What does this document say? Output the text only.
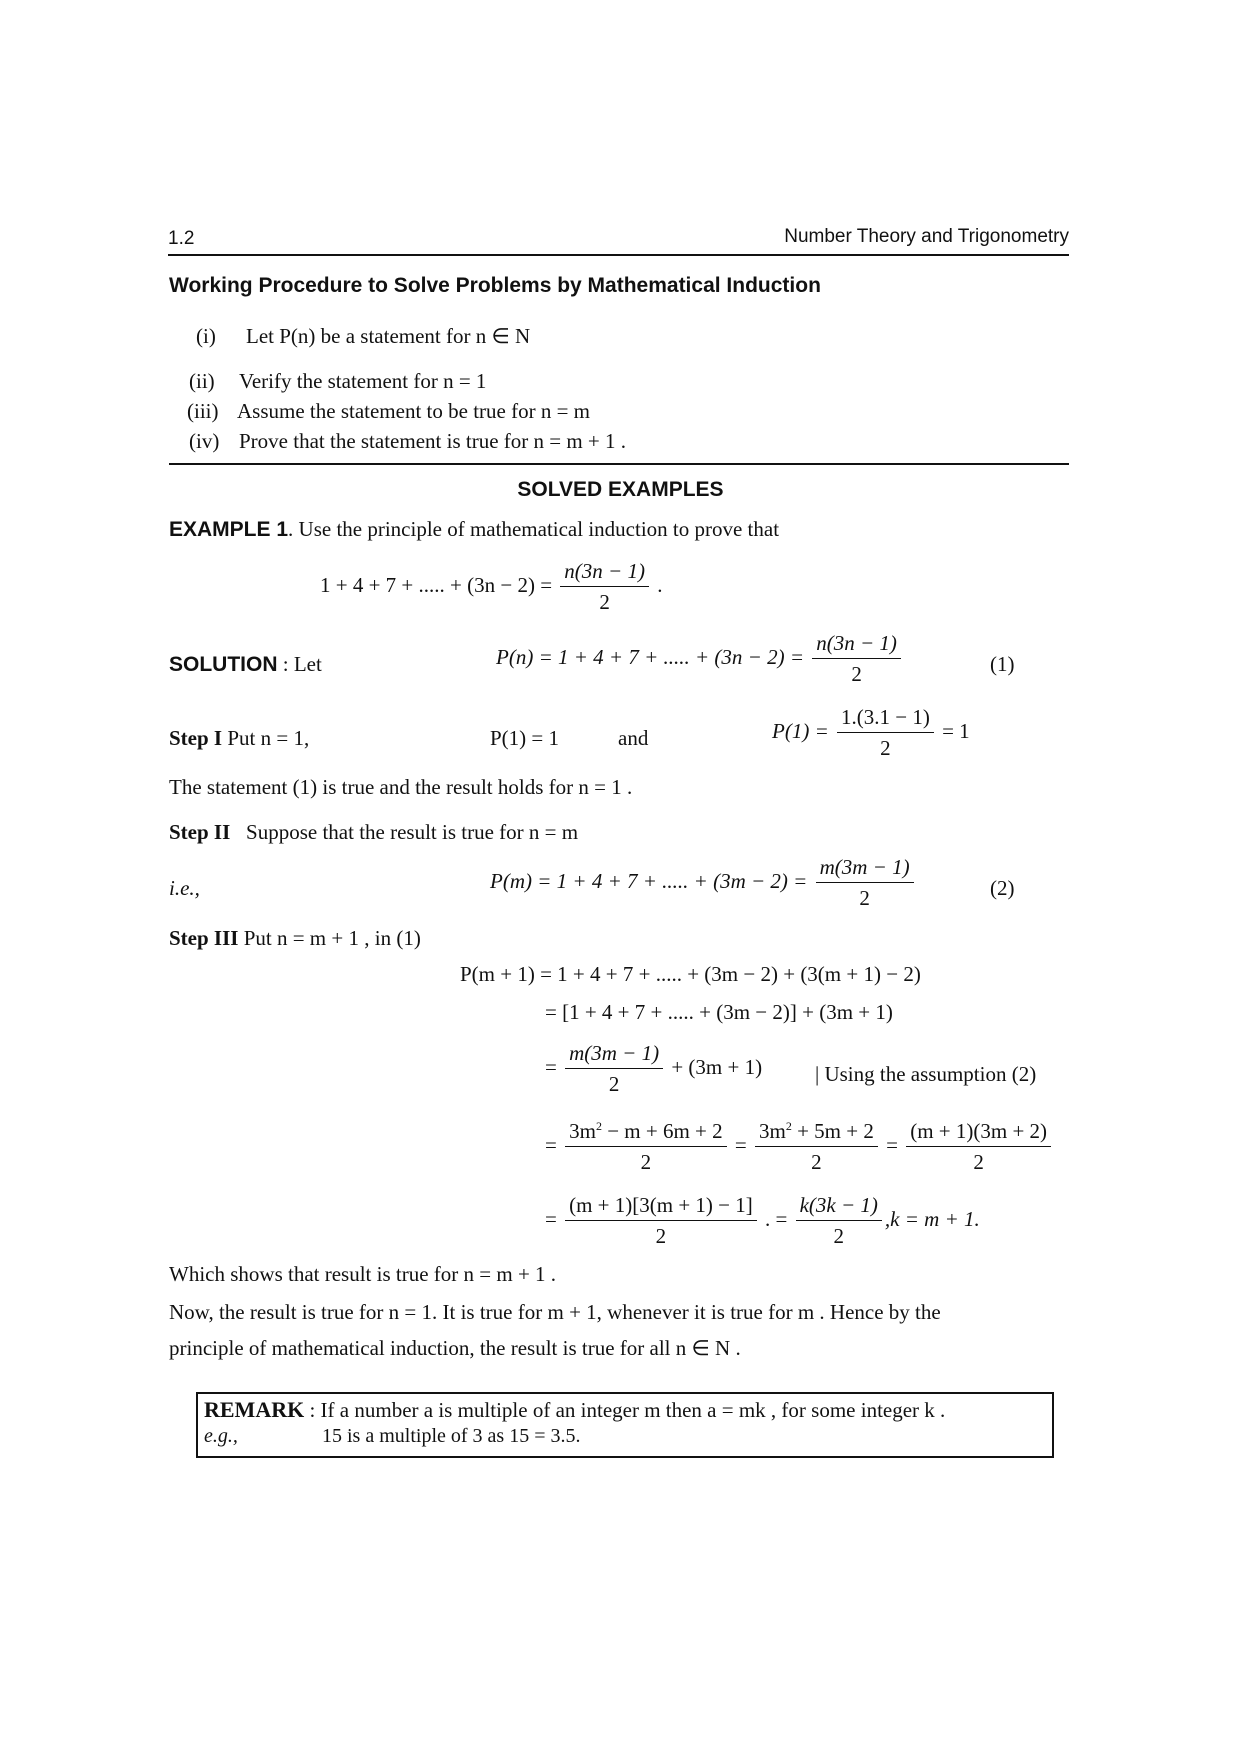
1.2	Number Theory and Trigonometry
Working Procedure to Solve Problems by Mathematical Induction
(i) Let P(n) be a statement for n ∈ N
(ii) Verify the statement for n = 1
(iii) Assume the statement to be true for n = m
(iv) Prove that the statement is true for n = m + 1 .
SOLVED EXAMPLES
EXAMPLE 1. Use the principle of mathematical induction to prove that
1 + 4 + 7 + ..... + $(3n - 2) = \frac{n(3n - 1)}{2}$ .
SOLUTION : Let	P(n) = 1 + 4 + 7 + ..... + $(3n - 2) = \frac{n(3n - 1)}{2}$	(1)
Step I Put n = 1,	P(1) = 1	and	$P(1) = \frac{1.(3.1 - 1)}{2} = 1$
The statement (1) is true and the result holds for n = 1 .
Step II Suppose that the result is true for n = m
i.e.,	P(m) = 1 + 4 + 7 + ..... + $(3m - 2) = \frac{m(3m - 1)}{2}$	(2)
Step III Put n = m + 1 , in (1)
P(m + 1) = 1 + 4 + 7 + ..... + (3m − 2) + (3(m + 1) − 2)
= [1 + 4 + 7 + ..... + (3m − 2)] + (3m + 1)
= $\frac{m(3m - 1)}{2} + (3m + 1)$	| Using the assumption (2)
= $\frac{3m^2 - m + 6m + 2}{2} = \frac{3m^2 + 5m + 2}{2} = \frac{(m + 1)(3m + 2)}{2}$
= $\frac{(m + 1)[3(m + 1) - 1]}{2}$ . = $\frac{k(3k - 1)}{2} ,k = m + 1$.
Which shows that result is true for n = m + 1 .
Now, the result is true for n = 1. It is true for m + 1, whenever it is true for m . Hence by the
principle of mathematical induction, the result is true for all n ∈ N .
REMARK : If a number a is multiple of an integer m then a = mk , for some integer k .
e.g.,	15 is a multiple of 3 as 15 = 3.5.
